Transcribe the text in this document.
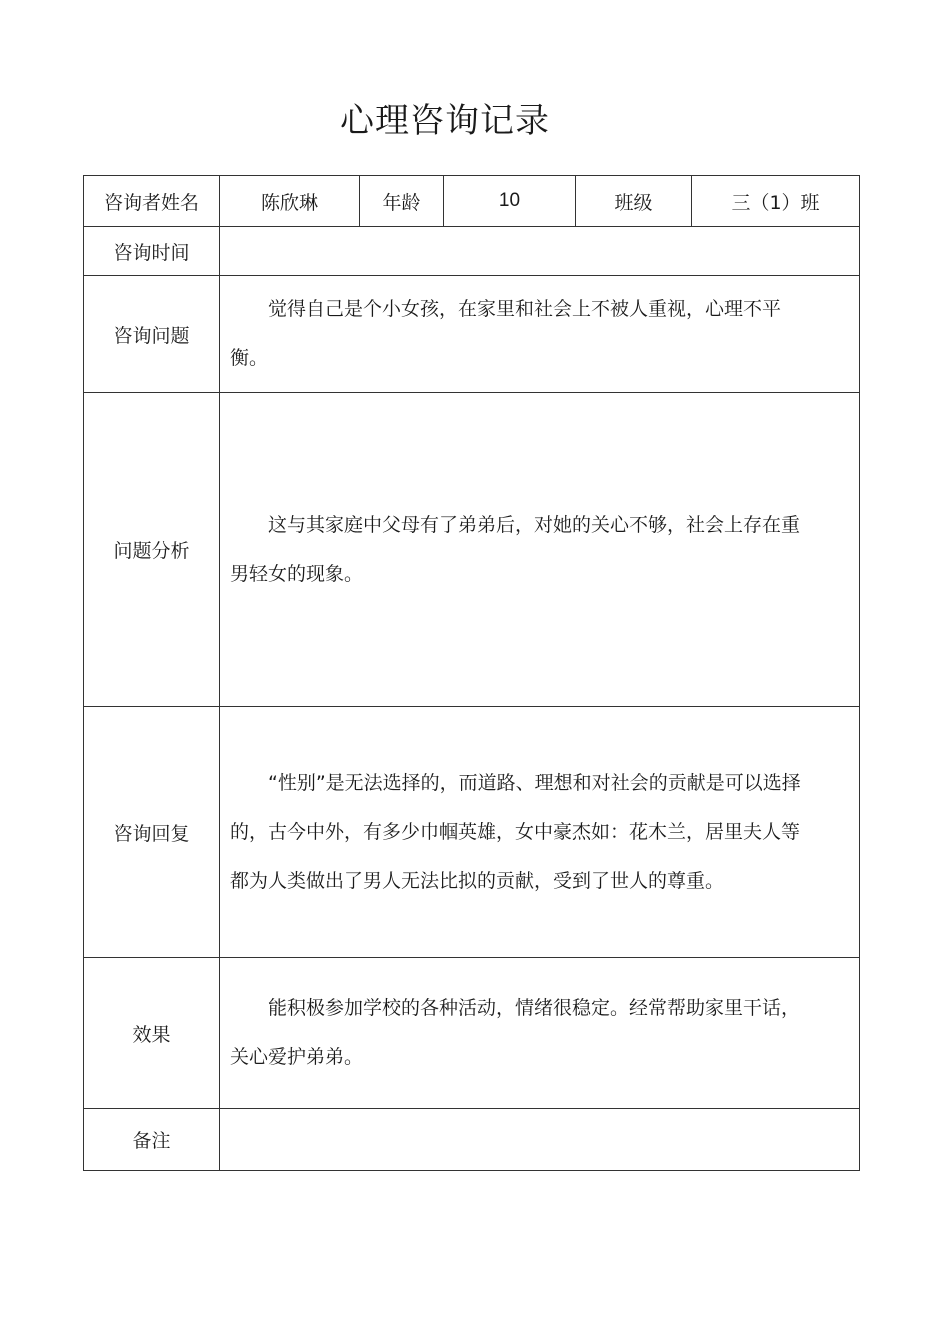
心理咨询记录
咨询者姓名	陈欣琳	年龄	10	班级	三（1）班
咨询时间					

咨询问题	觉得自己是个小女孩，在家里和社会上不被人重视，心理不平衡。				

问题分析	这与其家庭中父母有了弟弟后，对她的关心不够，社会上存在重男轻女的现象。				

咨询回复	“性别”是无法选择的，而道路、理想和对社会的贡献是可以选择的，古今中外，有多少巾帼英雄，女中豪杰如：花木兰，居里夫人等都为人类做出了男人无法比拟的贡献，受到了世人的尊重。				

效果	能积极参加学校的各种活动，情绪很稳定。经常帮助家里干话，关心爱护弟弟。				

备注					
